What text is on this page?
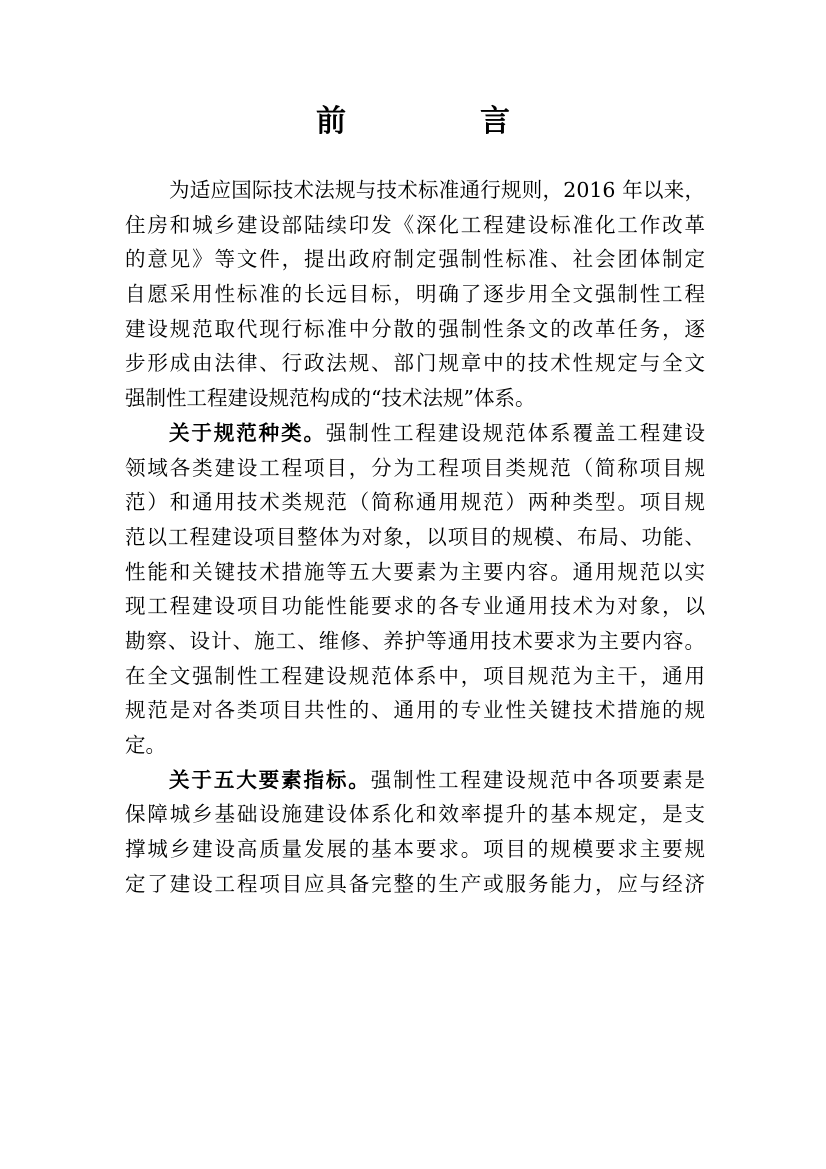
前　言
为适应国际技术法规与技术标准通行规则，2016 年以来，
住房和城乡建设部陆续印发《深化工程建设标准化工作改革
的意见》等文件，提出政府制定强制性标准、社会团体制定
自愿采用性标准的长远目标，明确了逐步用全文强制性工程
建设规范取代现行标准中分散的强制性条文的改革任务，逐
步形成由法律、行政法规、部门规章中的技术性规定与全文
强制性工程建设规范构成的“技术法规”体系。
关于规范种类。强制性工程建设规范体系覆盖工程建设
领域各类建设工程项目，分为工程项目类规范（简称项目规
范）和通用技术类规范（简称通用规范）两种类型。项目规
范以工程建设项目整体为对象，以项目的规模、布局、功能、
性能和关键技术措施等五大要素为主要内容。通用规范以实
现工程建设项目功能性能要求的各专业通用技术为对象，以
勘察、设计、施工、维修、养护等通用技术要求为主要内容。
在全文强制性工程建设规范体系中，项目规范为主干，通用
规范是对各类项目共性的、通用的专业性关键技术措施的规
定。
关于五大要素指标。强制性工程建设规范中各项要素是
保障城乡基础设施建设体系化和效率提升的基本规定，是支
撑城乡建设高质量发展的基本要求。项目的规模要求主要规
定了建设工程项目应具备完整的生产或服务能力，应与经济
